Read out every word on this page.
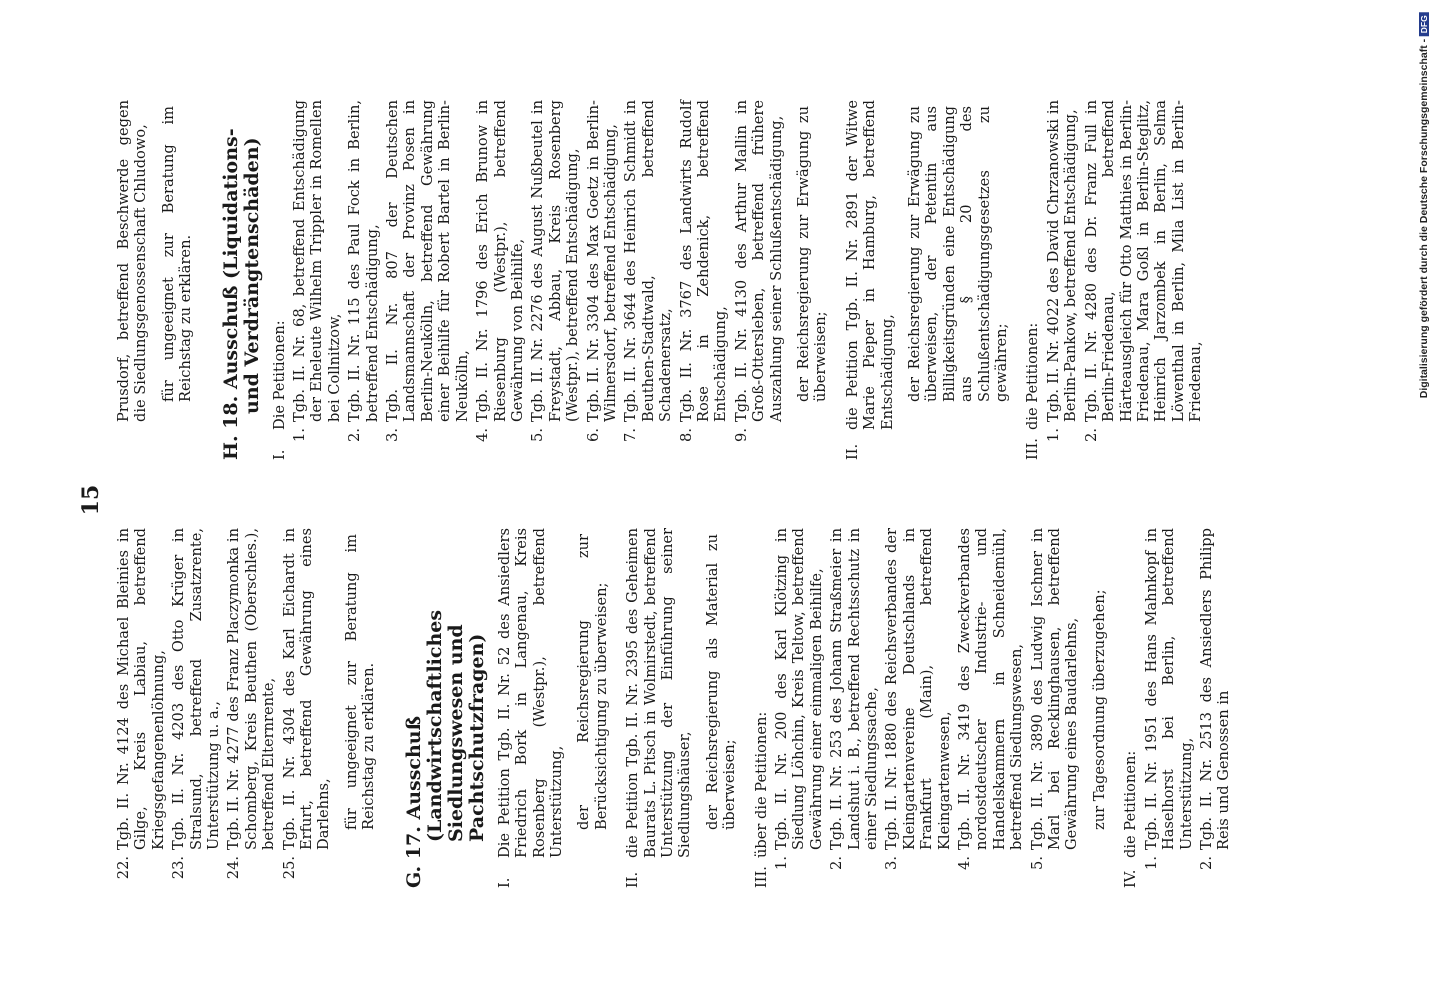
15
22.
Tgb. II. Nr. 4124 des Michael Bleinies in Gilge, Kreis Labiau, betreffend Kriegsgefangenenlöhnung,
23.
Tgb. II. Nr. 4203 des Otto Krüger in Stralsund, betreffend Zusatzrente, Unterstützung u. a.,
24.
Tgb. II. Nr. 4277 des Franz Placzymonka in Schomberg, Kreis Beuthen (Oberschles.), betreffend Elternrente,
25.
Tgb. II. Nr. 4304 des Karl Eichardt in Erfurt, betreffend Gewährung eines Darlehns, für ungeeignet zur Beratung im Reichstag zu erklären. G. 17. Ausschuß (Landwirtschaftliches Siedlungswesen und Pachtschutzfragen)
I.
Die Petition Tgb. II. Nr. 52 des Ansiedlers Friedrich Bork in Langenau, Kreis Rosenberg (Westpr.), betreffend Unterstützung, der Reichsregierung zur Berücksichtigung zu überweisen;

II.
die Petition Tgb. II. Nr. 2395 des Geheimen Baurats L. Pitsch in Wolmirstedt, betreffend Unterstützung der Einführung seiner Siedlungshäuser, der Reichsregierung als Material zu überweisen;

III.
über die Petitionen:
1.
Tgb. II. Nr. 200 des Karl Klötzing in Siedlung Löhchin, Kreis Teltow, betreffend Gewährung einer einmaligen Beihilfe,
2.
Tgb. II. Nr. 253 des Johann Straßmeier in Landshut i. B., betreffend Rechtsschutz in einer Siedlungssache,
3.
Tgb. II. Nr. 1880 des Reichsverbandes der Kleingartenvereine Deutschlands in Frankfurt (Main), betreffend Kleingartenwesen,
4.
Tgb. II. Nr. 3419 des Zweckverbandes nordostdeutscher Industrie- und Handelskammern in Schneidemühl, betreffend Siedlungswesen,
5.
Tgb. II. Nr. 3890 des Ludwig Ischner in Marl bei Recklinghausen, betreffend Gewährung eines Baudarlehns, zur Tagesordnung überzugehen;

IV.
die Petitionen:
1.
Tgb. II. Nr. 1951 des Hans Mahnkopf in Haselhorst bei Berlin, betreffend Unterstützung,
2.
Tgb. II. Nr. 2513 des Ansiedlers Philipp Reis und Genossen in

Prusdorf, betreffend Beschwerde gegen die Siedlungsgenossenschaft Chludowo, für ungeeignet zur Beratung im Reichstag zu erklären. H. 18. Ausschuß (Liquidations- und Verdrängtenschäden)
I.
Die Petitionen:
1.
Tgb. II. Nr. 68, betreffend Entschädigung der Eheleute Wilhelm Trippler in Romellen bei Collnitzow,
2.
Tgb. II. Nr. 115 des Paul Fock in Berlin, betreffend Entschädigung,
3.
Tgb. II. Nr. 807 der Deutschen Landsmannschaft der Provinz Posen in Berlin-Neukölln, betreffend Gewährung einer Beihilfe für Robert Bartel in Berlin-Neukölln,
4.
Tgb. II. Nr. 1796 des Erich Brunow in Riesenburg (Westpr.), betreffend Gewährung von Beihilfe,
5.
Tgb. II. Nr. 2276 des August Nußbeutel in Freystadt, Abbau, Kreis Rosenberg (Westpr.), betreffend Entschädigung,
6.
Tgb. II. Nr. 3304 des Max Goetz in Berlin-Wilmersdorf, betreffend Entschädigung,
7.
Tgb. II. Nr. 3644 des Heinrich Schmidt in Beuthen-Stadtwald, betreffend Schadenersatz,
8.
Tgb. II. Nr. 3767 des Landwirts Rudolf Rose in Zehdenick, betreffend Entschädigung,
9.
Tgb. II. Nr. 4130 des Arthur Mallin in Groß-Ottersleben, betreffend frühere Auszahlung seiner Schlußentschädigung, der Reichsregierung zur Erwägung zu überweisen;

II.
die Petition Tgb. II. Nr. 2891 der Witwe Marie Pieper in Hamburg, betreffend Entschädigung, der Reichsregierung zur Erwägung zu überweisen, der Petentin aus Billigkeitsgründen eine Entschädigung aus § 20 des Schlußentschädigungsgesetzes zu gewähren;

III.
die Petitionen:
1.
Tgb. II. Nr. 4022 des David Chrzanowski in Berlin-Pankow, betreffend Entschädigung,
2.
Tgb. II. Nr. 4280 des Dr. Franz Full in Berlin-Friedenau, betreffend Härteausgleich für Otto Matthies in Berlin-Friedenau, Mara Goßl in Berlin-Steglitz, Heinrich Jarzombek in Berlin, Selma Löwenthal in Berlin, Mila List in Berlin-Friedenau,	Digitalisierung gefördert durch die Deutsche Forschungsgemeinschaft - DFG
